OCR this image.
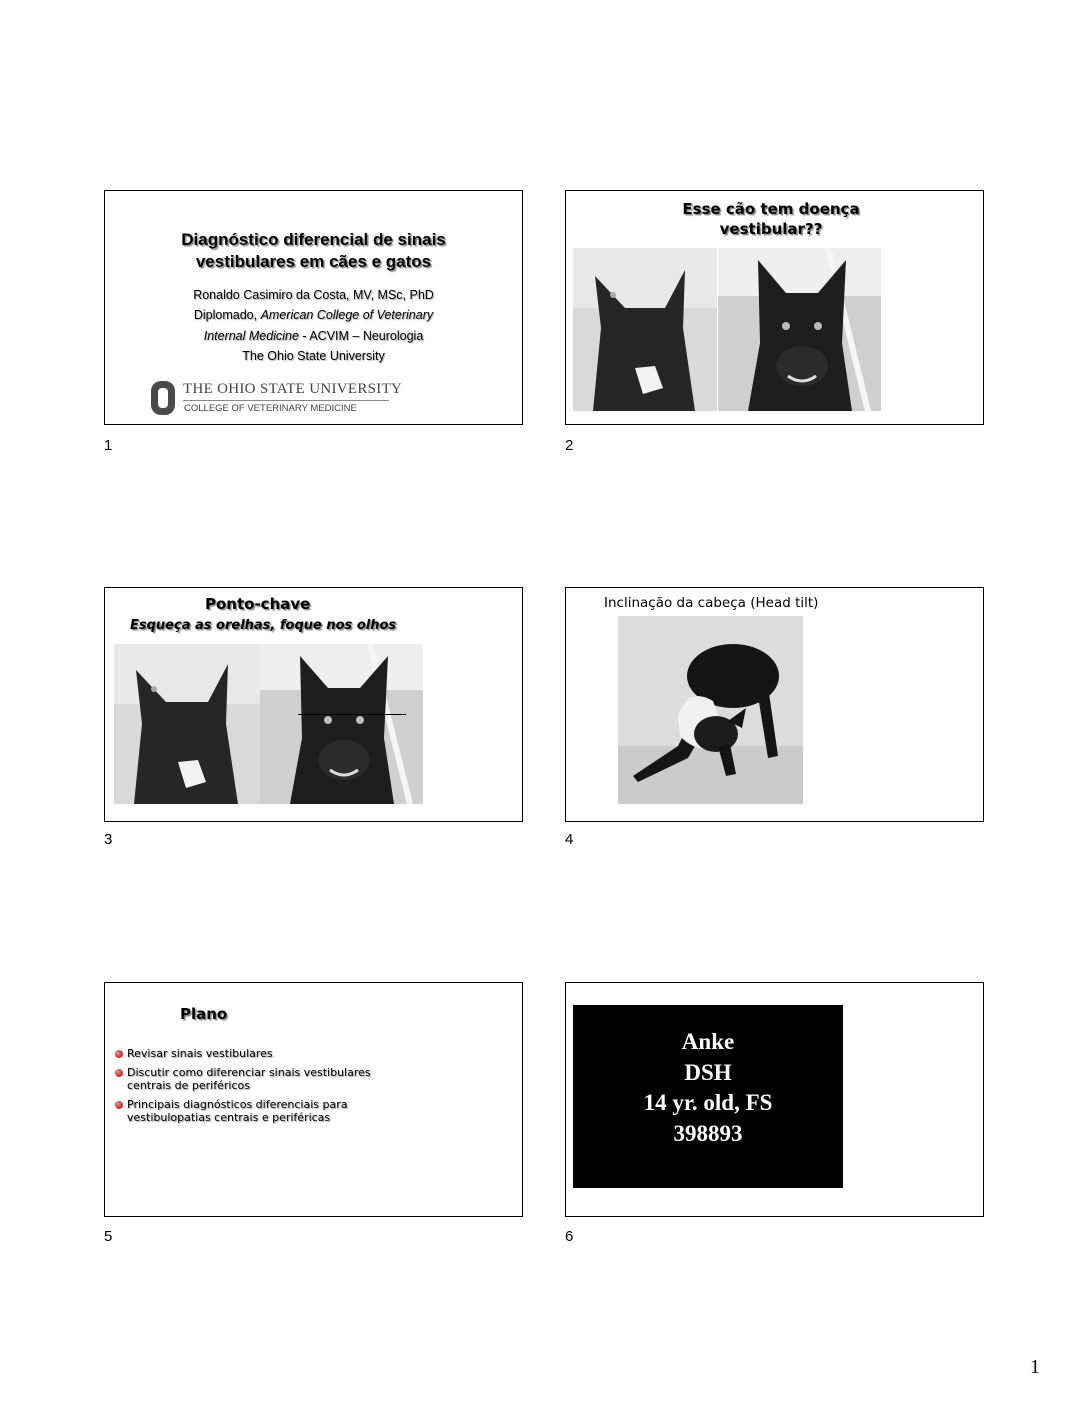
Diagnóstico diferencial de sinais
vestibulares em cães e gatos
Ronaldo Casimiro da Costa, MV, MSc, PhD
Diplomado, American College of Veterinary
Internal Medicine - ACVIM – Neurologia
The Ohio State University
THE OHIO STATE UNIVERSITY
COLLEGE OF VETERINARY MEDICINE
1
Esse cão tem doença
vestibular??
2
Ponto-chave
Esqueça as orelhas, foque nos olhos
3
Inclinação da cabeça (Head tilt)
4
Plano
Revisar sinais vestibulares
Discutir como diferenciar sinais vestibulares centrais de periféricos
Principais diagnósticos diferenciais para vestibulopatias centrais e periféricas
5
Anke
DSH
14 yr. old, FS
398893
6
1
